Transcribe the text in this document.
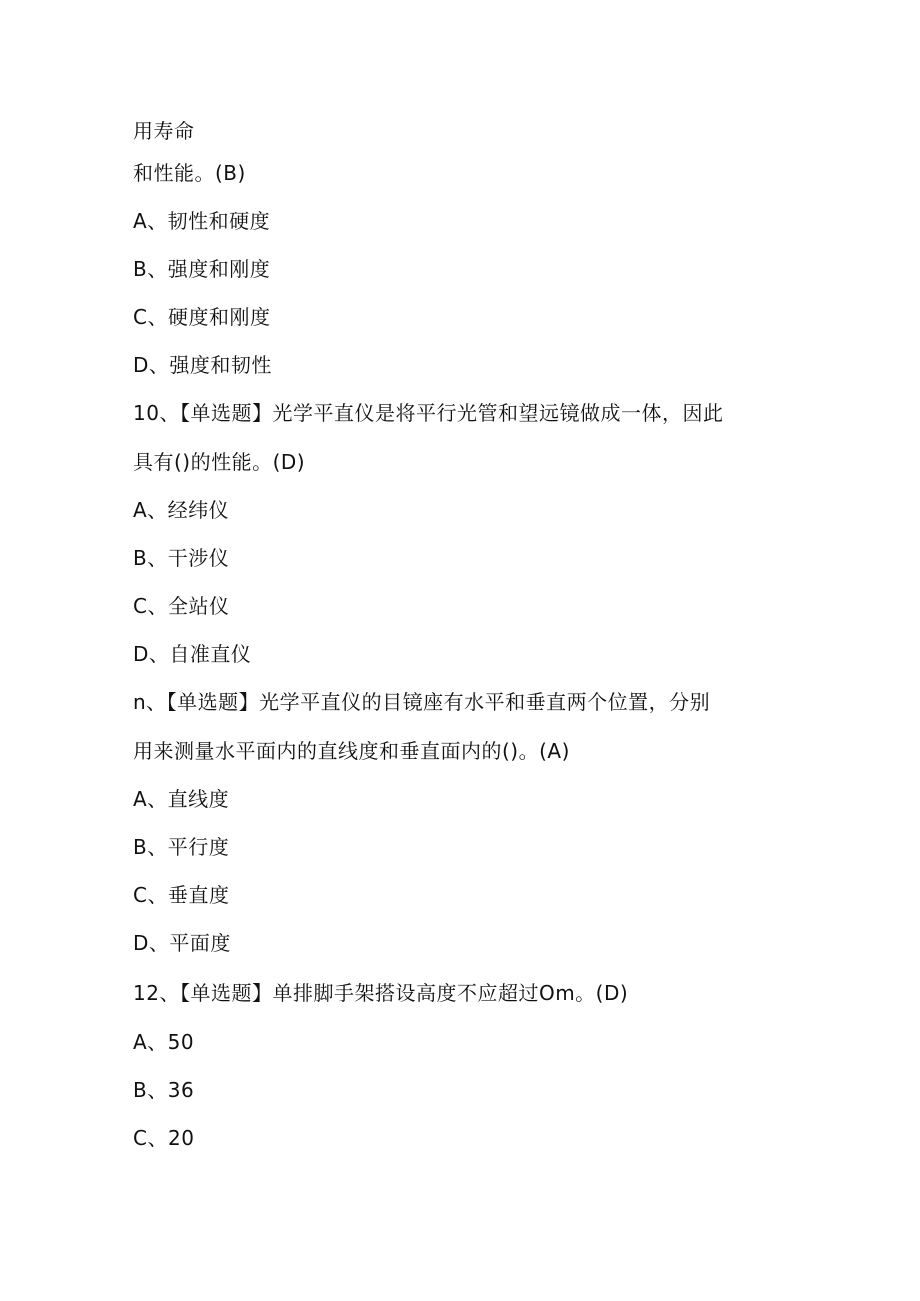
用寿命
和性能。(B)
A、韧性和硬度
B、强度和刚度
C、硬度和刚度
D、强度和韧性
10、【单选题】光学平直仪是将平行光管和望远镜做成一体，因此
具有()的性能。(D)
A、经纬仪
B、干涉仪
C、全站仪
D、自准直仪
n、【单选题】光学平直仪的目镜座有水平和垂直两个位置，分别
用来测量水平面内的直线度和垂直面内的()。(A)
A、直线度
B、平行度
C、垂直度
D、平面度
12、【单选题】单排脚手架搭设高度不应超过Om。(D)
A、50
B、36
C、20
